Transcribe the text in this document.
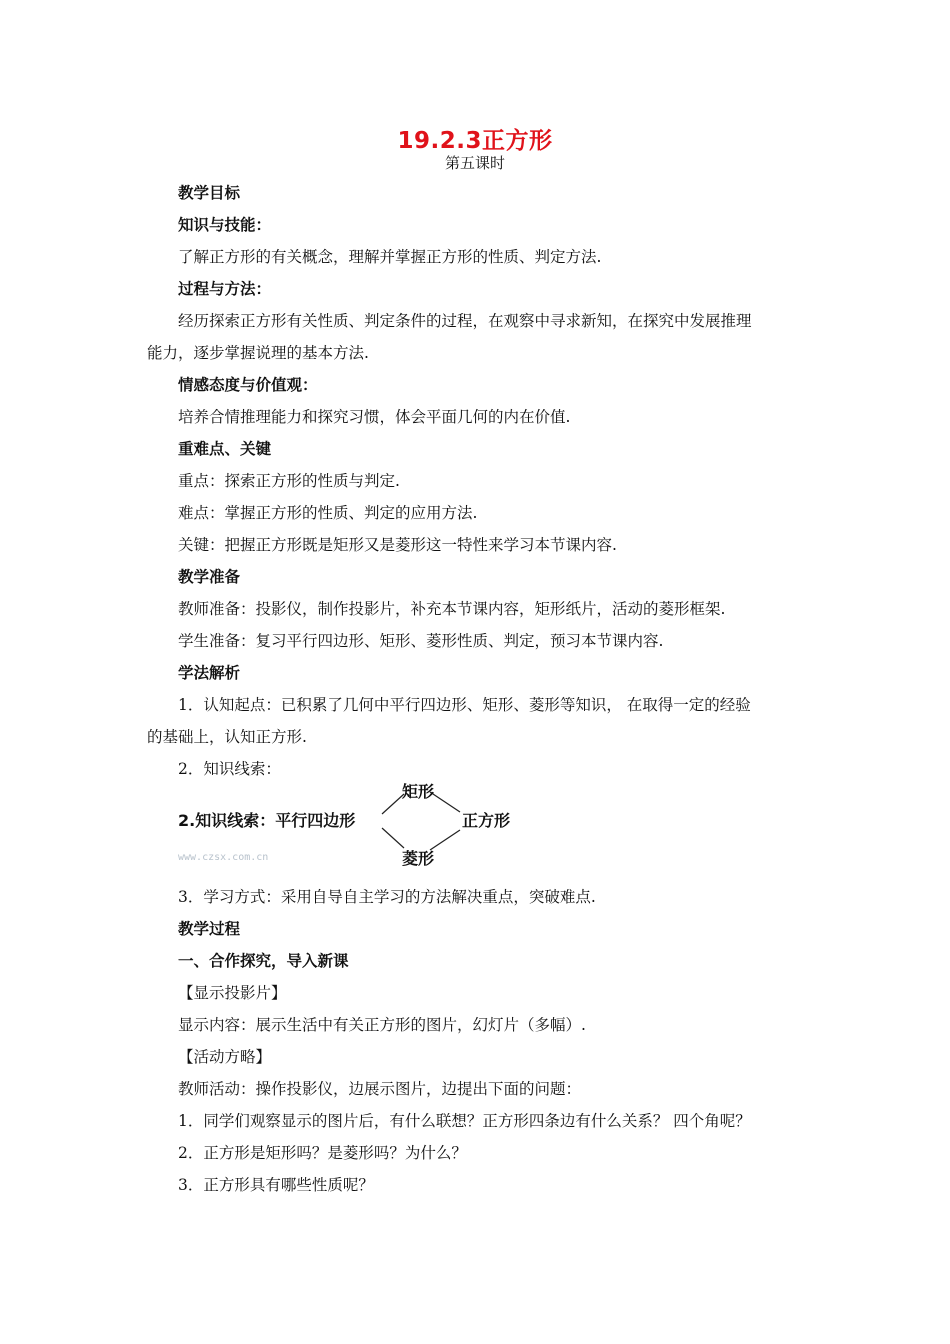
19.2.3正方形
第五课时
教学目标
知识与技能：
了解正方形的有关概念，理解并掌握正方形的性质、判定方法.
过程与方法：
经历探索正方形有关性质、判定条件的过程，在观察中寻求新知，在探究中发展推理
能力，逐步掌握说理的基本方法.
情感态度与价值观：
培养合情推理能力和探究习惯，体会平面几何的内在价值.
重难点、关键
重点：探索正方形的性质与判定.
难点：掌握正方形的性质、判定的应用方法.
关键：把握正方形既是矩形又是菱形这一特性来学习本节课内容.
教学准备
教师准备：投影仪，制作投影片，补充本节课内容，矩形纸片，活动的菱形框架.
学生准备：复习平行四边形、矩形、菱形性质、判定，预习本节课内容.
学法解析
1．认知起点：已积累了几何中平行四边形、矩形、菱形等知识， 在取得一定的经验
的基础上，认知正方形.
2．知识线索：
3．学习方式：采用自导自主学习的方法解决重点，突破难点.
教学过程
一、合作探究，导入新课
【显示投影片】
显示内容：展示生活中有关正方形的图片，幻灯片（多幅）.
【活动方略】
教师活动：操作投影仪，边展示图片，边提出下面的问题：
1．同学们观察显示的图片后，有什么联想？正方形四条边有什么关系？ 四个角呢？
2．正方形是矩形吗？是菱形吗？为什么？
3．正方形具有哪些性质呢？
2.知识线索：平行四边形
矩形
正方形
菱形
www.czsx.com.cn
